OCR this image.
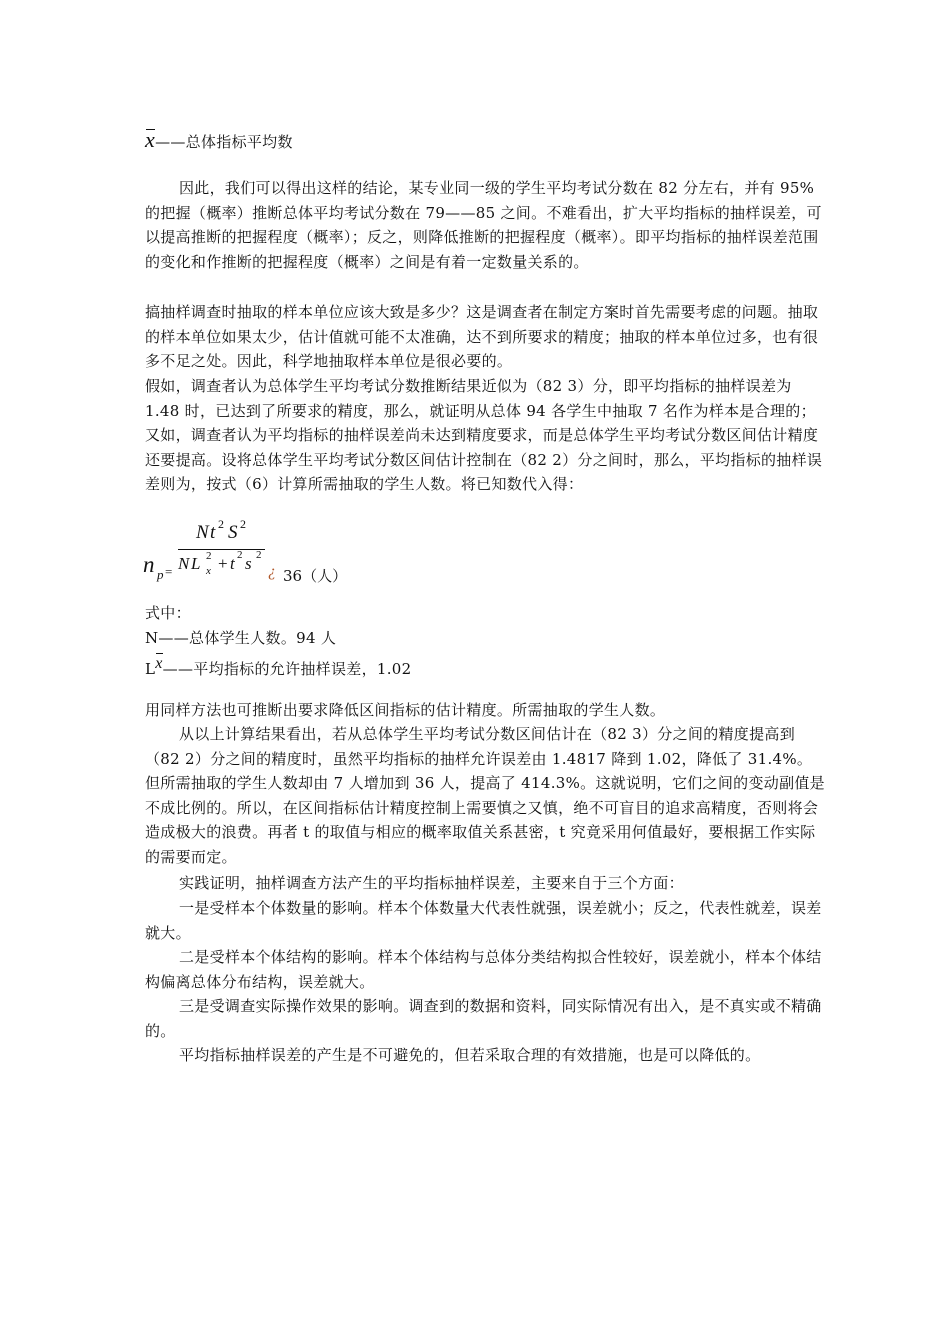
x——总体指标平均数
因此，我们可以得出这样的结论，某专业同一级的学生平均考试分数在 82 分左右，并有 95%的把握（概率）推断总体平均考试分数在 79——85 之间。不难看出，扩大平均指标的抽样误差，可以提高推断的把握程度（概率）；反之，则降低推断的把握程度（概率）。即平均指标的抽样误差范围的变化和作推断的把握程度（概率）之间是有着一定数量关系的。
搞抽样调查时抽取的样本单位应该大致是多少？这是调查者在制定方案时首先需要考虑的问题。抽取的样本单位如果太少，估计值就可能不太准确，达不到所要求的精度；抽取的样本单位过多，也有很多不足之处。因此，科学地抽取样本单位是很必要的。
假如，调查者认为总体学生平均考试分数推断结果近似为（82 3）分，即平均指标的抽样误差为 1.48 时，已达到了所要求的精度，那么，就证明从总体 94 各学生中抽取 7 名作为样本是合理的；又如，调查者认为平均指标的抽样误差尚未达到精度要求，而是总体学生平均考试分数区间估计精度还要提高。设将总体学生平均考试分数区间估计控制在（82 2）分之间时，那么，平均指标的抽样误差则为，按式（6）计算所需抽取的学生人数。将已知数代入得：
N t 2 S 2
n p = N L 2
x + t 2 s 2
¿ 36（人）
式中：
N——总体学生人数。94 人
Lx——平均指标的允许抽样误差，1.02
用同样方法也可推断出要求降低区间指标的估计精度。所需抽取的学生人数。
从以上计算结果看出，若从总体学生平均考试分数区间估计在（82 3）分之间的精度提高到（82 2）分之间的精度时，虽然平均指标的抽样允许误差由 1.4817 降到 1.02，降低了 31.4%。但所需抽取的学生人数却由 7 人增加到 36 人，提高了 414.3%。这就说明，它们之间的变动副值是不成比例的。所以，在区间指标估计精度控制上需要慎之又慎，绝不可盲目的追求高精度，否则将会造成极大的浪费。再者 t 的取值与相应的概率取值关系甚密，t 究竟采用何值最好，要根据工作实际的需要而定。
实践证明，抽样调查方法产生的平均指标抽样误差，主要来自于三个方面：
一是受样本个体数量的影响。样本个体数量大代表性就强，误差就小；反之，代表性就差，误差就大。
二是受样本个体结构的影响。样本个体结构与总体分类结构拟合性较好，误差就小，样本个体结构偏离总体分布结构，误差就大。
三是受调查实际操作效果的影响。调查到的数据和资料，同实际情况有出入，是不真实或不精确的。
平均指标抽样误差的产生是不可避免的，但若采取合理的有效措施，也是可以降低的。
